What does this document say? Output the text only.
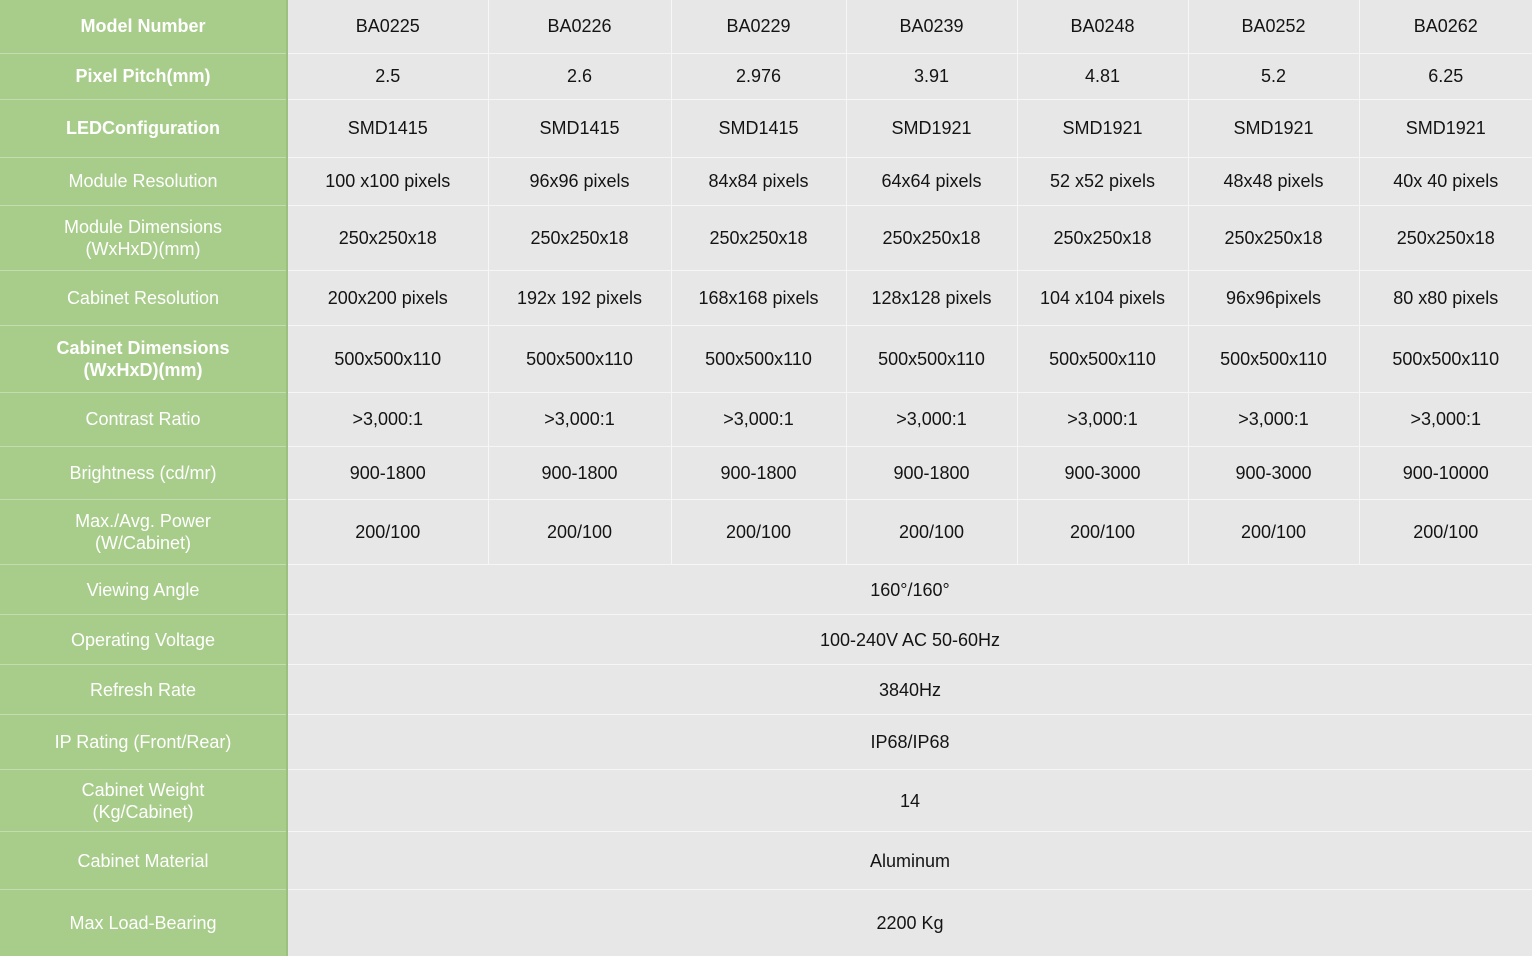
Model Number	BA0225	BA0226	BA0229	BA0239	BA0248	BA0252	BA0262

Pixel Pitch(mm)	2.5	2.6	2.976	3.91	4.81	5.2	6.25

LEDConfiguration	SMD1415	SMD1415	SMD1415	SMD1921	SMD1921	SMD1921	SMD1921

Module Resolution	100 x100 pixels	96x96 pixels	84x84 pixels	64x64 pixels	52 x52 pixels	48x48 pixels	40x 40 pixels

Module Dimensions
(WxHxD)(mm)	250x250x18	250x250x18	250x250x18	250x250x18	250x250x18	250x250x18	250x250x18

Cabinet Resolution	200x200 pixels	192x 192 pixels	168x168 pixels	128x128 pixels	104 x104 pixels	96x96pixels	80 x80 pixels

Cabinet Dimensions
(WxHxD)(mm)	500x500x110	500x500x110	500x500x110	500x500x110	500x500x110	500x500x110	500x500x110

Contrast Ratio	>3,000:1	>3,000:1	>3,000:1	>3,000:1	>3,000:1	>3,000:1	>3,000:1

Brightness (cd/mr)	900-1800	900-1800	900-1800	900-1800	900-3000	900-3000	900-10000

Max./Avg. Power
(W/Cabinet)	200/100	200/100	200/100	200/100	200/100	200/100	200/100

Viewing Angle	160°/160°						

Operating Voltage	100-240V AC 50-60Hz						

Refresh Rate	3840Hz						

IP Rating (Front/Rear)	IP68/IP68						

Cabinet Weight
(Kg/Cabinet)	14						

Cabinet Material	Aluminum						

Max Load-Bearing	2200 Kg						
